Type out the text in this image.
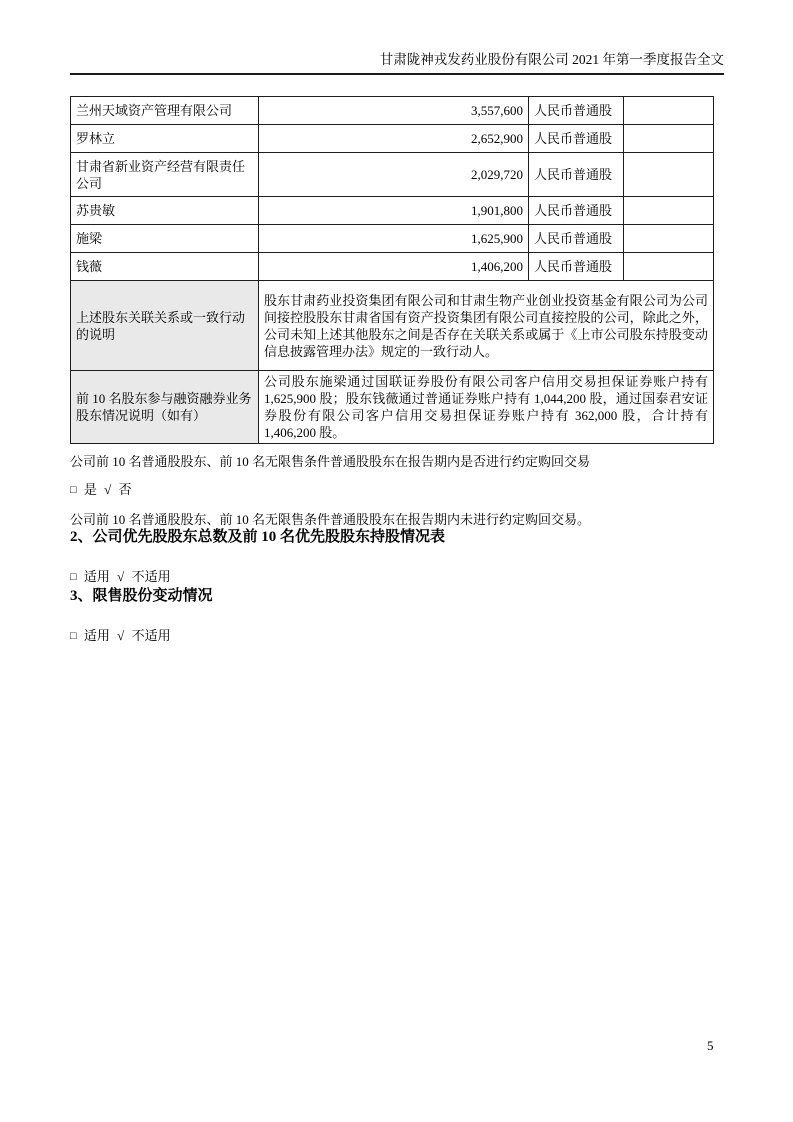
甘肃陇神戎发药业股份有限公司 2021 年第一季度报告全文
兰州天域资产管理有限公司	3,557,600	人民币普通股	
罗林立	2,652,900	人民币普通股	
甘肃省新业资产经营有限责任公司	2,029,720	人民币普通股	
苏贵敏	1,901,800	人民币普通股	
施梁	1,625,900	人民币普通股	
钱薇	1,406,200	人民币普通股	
上述股东关联关系或一致行动的说明	股东甘肃药业投资集团有限公司和甘肃生物产业创业投资基金有限公司为公司间接控股股东甘肃省国有资产投资集团有限公司直接控股的公司，除此之外，公司未知上述其他股东之间是否存在关联关系或属于《上市公司股东持股变动信息披露管理办法》规定的一致行动人。		
前 10 名股东参与融资融券业务股东情况说明（如有）	公司股东施梁通过国联证券股份有限公司客户信用交易担保证券账户持有 1,625,900 股；股东钱薇通过普通证券账户持有 1,044,200 股，通过国泰君安证券股份有限公司客户信用交易担保证券账户持有 362,000 股，合计持有 1,406,200 股。		

公司前 10 名普通股股东、前 10 名无限售条件普通股股东在报告期内是否进行约定购回交易

□ 是 √ 否

公司前 10 名普通股股东、前 10 名无限售条件普通股股东在报告期内未进行约定购回交易。

2、公司优先股股东总数及前 10 名优先股股东持股情况表

□ 适用 √ 不适用

3、限售股份变动情况

□ 适用 √ 不适用

5
